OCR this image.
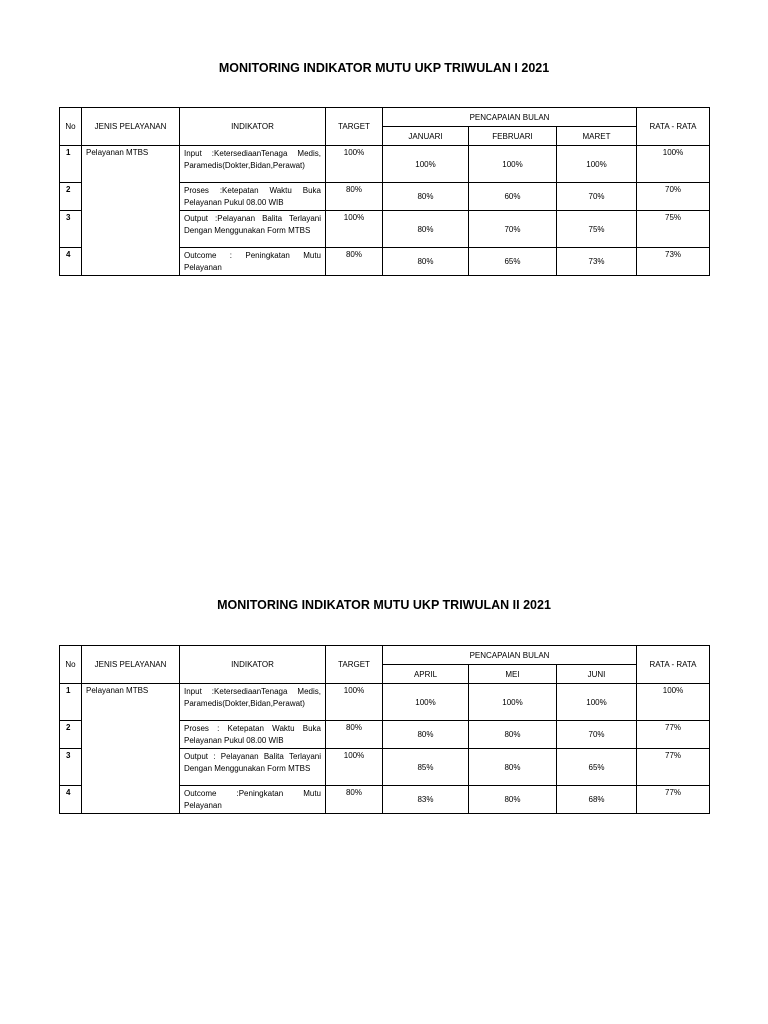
MONITORING INDIKATOR MUTU UKP TRIWULAN I 2021
No	JENIS PELAYANAN	INDIKATOR	TARGET	PENCAPAIAN BULAN			RATA - RATA
				JANUARI	FEBRUARI	MARET	
1	Pelayanan MTBS	Input :KetersediaanTenaga Medis, Paramedis(Dokter,Bidan,Perawat)	100%	100%	100%	100%	100%
2		Proses :Ketepatan Waktu Buka Pelayanan Pukul 08.00 WIB	80%	80%	60%	70%	70%
3		Output :Pelayanan Balita Terlayani Dengan Menggunakan Form MTBS	100%	80%	70%	75%	75%
4		Outcome : Peningkatan Mutu Pelayanan	80%	80%	65%	73%	73%
MONITORING INDIKATOR MUTU UKP TRIWULAN II 2021
No	JENIS PELAYANAN	INDIKATOR	TARGET	PENCAPAIAN BULAN			RATA - RATA
				APRIL	MEI	JUNI	
1	Pelayanan MTBS	Input :KetersediaanTenaga Medis, Paramedis(Dokter,Bidan,Perawat)	100%	100%	100%	100%	100%
2		Proses : Ketepatan Waktu Buka Pelayanan Pukul 08.00 WIB	80%	80%	80%	70%	77%
3		Output : Pelayanan Balita Terlayani Dengan Menggunakan Form MTBS	100%	85%	80%	65%	77%
4		Outcome :Peningkatan Mutu Pelayanan	80%	83%	80%	68%	77%
